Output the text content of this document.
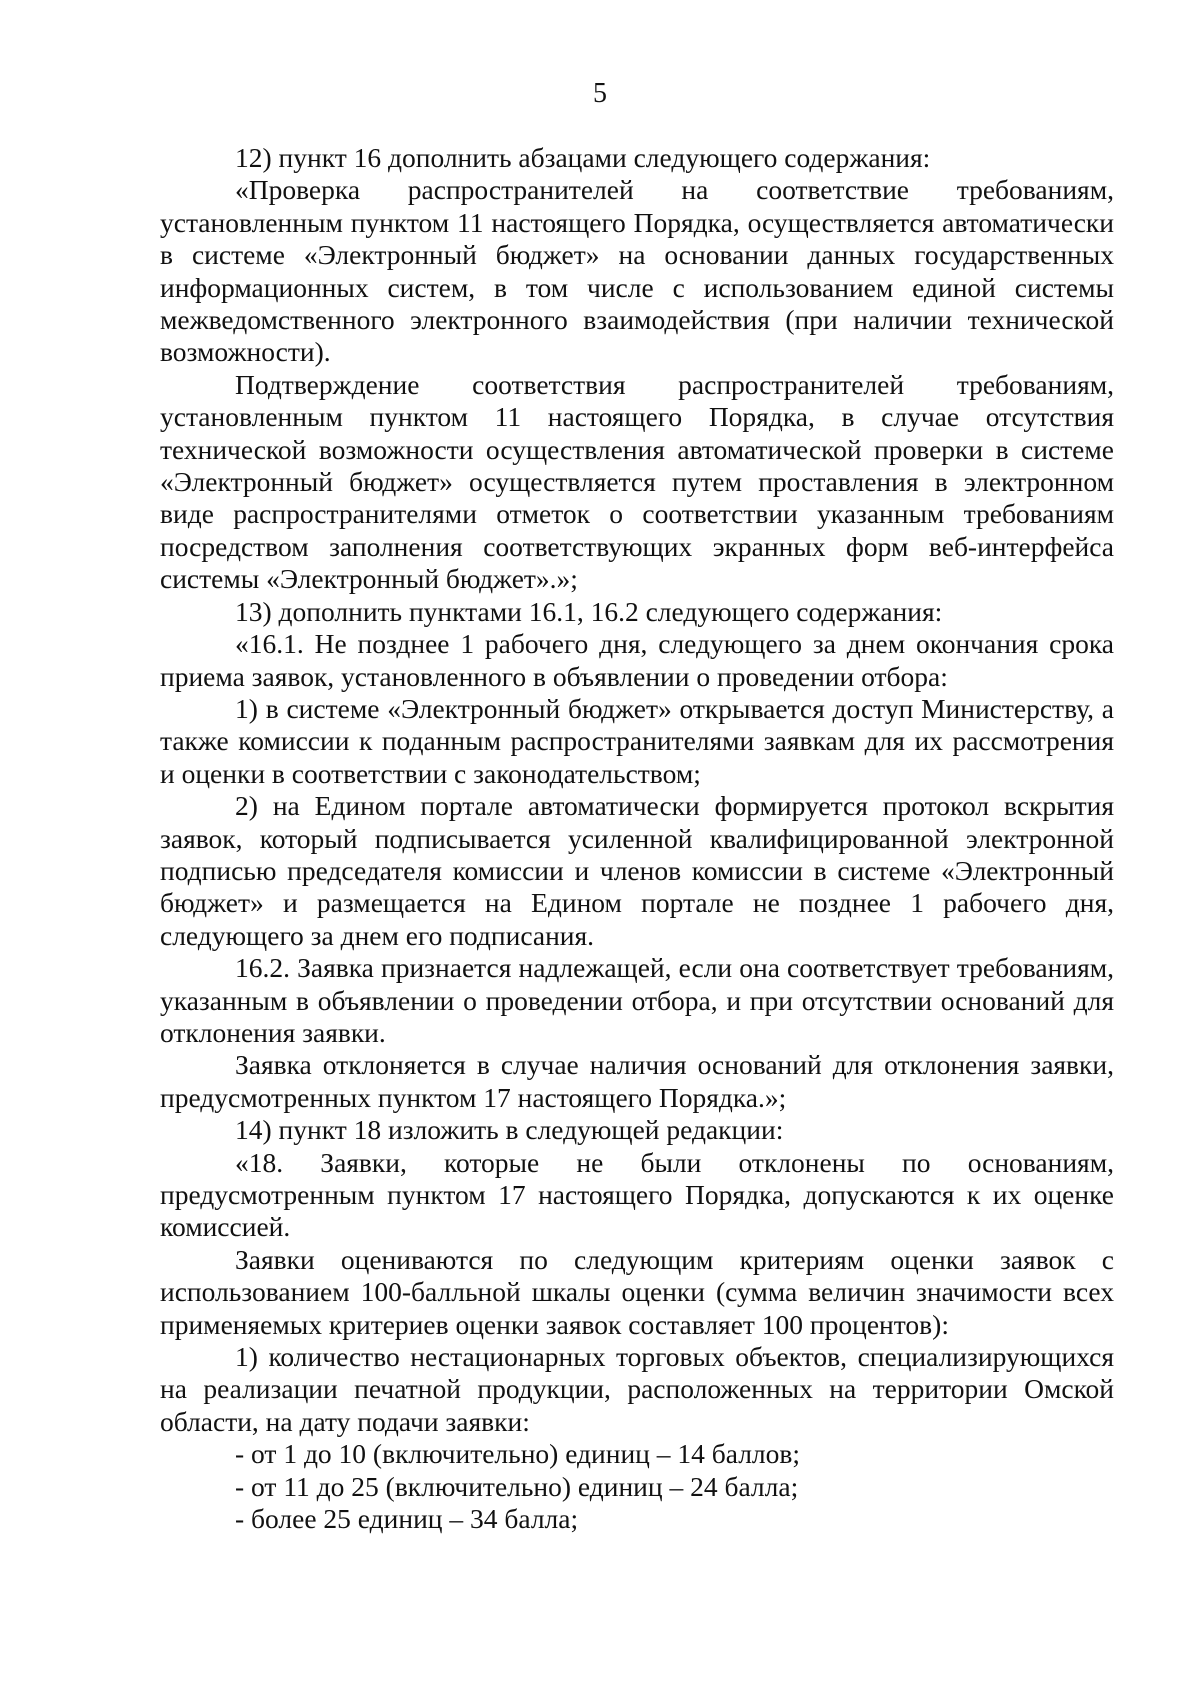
5

12) пункт 16 дополнить абзацами следующего содержания:

«Проверка распространителей на соответствие требованиям, установленным пунктом 11 настоящего Порядка, осуществляется автоматически в системе «Электронный бюджет» на основании данных государственных информационных систем, в том числе с использованием единой системы межведомственного электронного взаимодействия (при наличии технической возможности).

Подтверждение соответствия распространителей требованиям, установленным пунктом 11 настоящего Порядка, в случае отсутствия технической возможности осуществления автоматической проверки в системе «Электронный бюджет» осуществляется путем проставления в электронном виде распространителями отметок о соответствии указанным требованиям посредством заполнения соответствующих экранных форм веб-интерфейса системы «Электронный бюджет».»;

13) дополнить пунктами 16.1, 16.2 следующего содержания:

«16.1. Не позднее 1 рабочего дня, следующего за днем окончания срока приема заявок, установленного в объявлении о проведении отбора:

1) в системе «Электронный бюджет» открывается доступ Министерству, а также комиссии к поданным распространителями заявкам для их рассмотрения и оценки в соответствии с законодательством;

2) на Едином портале автоматически формируется протокол вскрытия заявок, который подписывается усиленной квалифицированной электронной подписью председателя комиссии и членов комиссии в системе «Электронный бюджет» и размещается на Едином портале не позднее 1 рабочего дня, следующего за днем его подписания.

16.2. Заявка признается надлежащей, если она соответствует требованиям, указанным в объявлении о проведении отбора, и при отсутствии оснований для отклонения заявки.

Заявка отклоняется в случае наличия оснований для отклонения заявки, предусмотренных пунктом 17 настоящего Порядка.»;

14) пункт 18 изложить в следующей редакции:

«18. Заявки, которые не были отклонены по основаниям, предусмотренным пунктом 17 настоящего Порядка, допускаются к их оценке комиссией.

Заявки оцениваются по следующим критериям оценки заявок с использованием 100-балльной шкалы оценки (сумма величин значимости всех применяемых критериев оценки заявок составляет 100 процентов):

1) количество нестационарных торговых объектов, специализирующихся на реализации печатной продукции, расположенных на территории Омской области, на дату подачи заявки:

- от 1 до 10 (включительно) единиц – 14 баллов;

- от 11 до 25 (включительно) единиц – 24 балла;

- более 25 единиц – 34 балла;
